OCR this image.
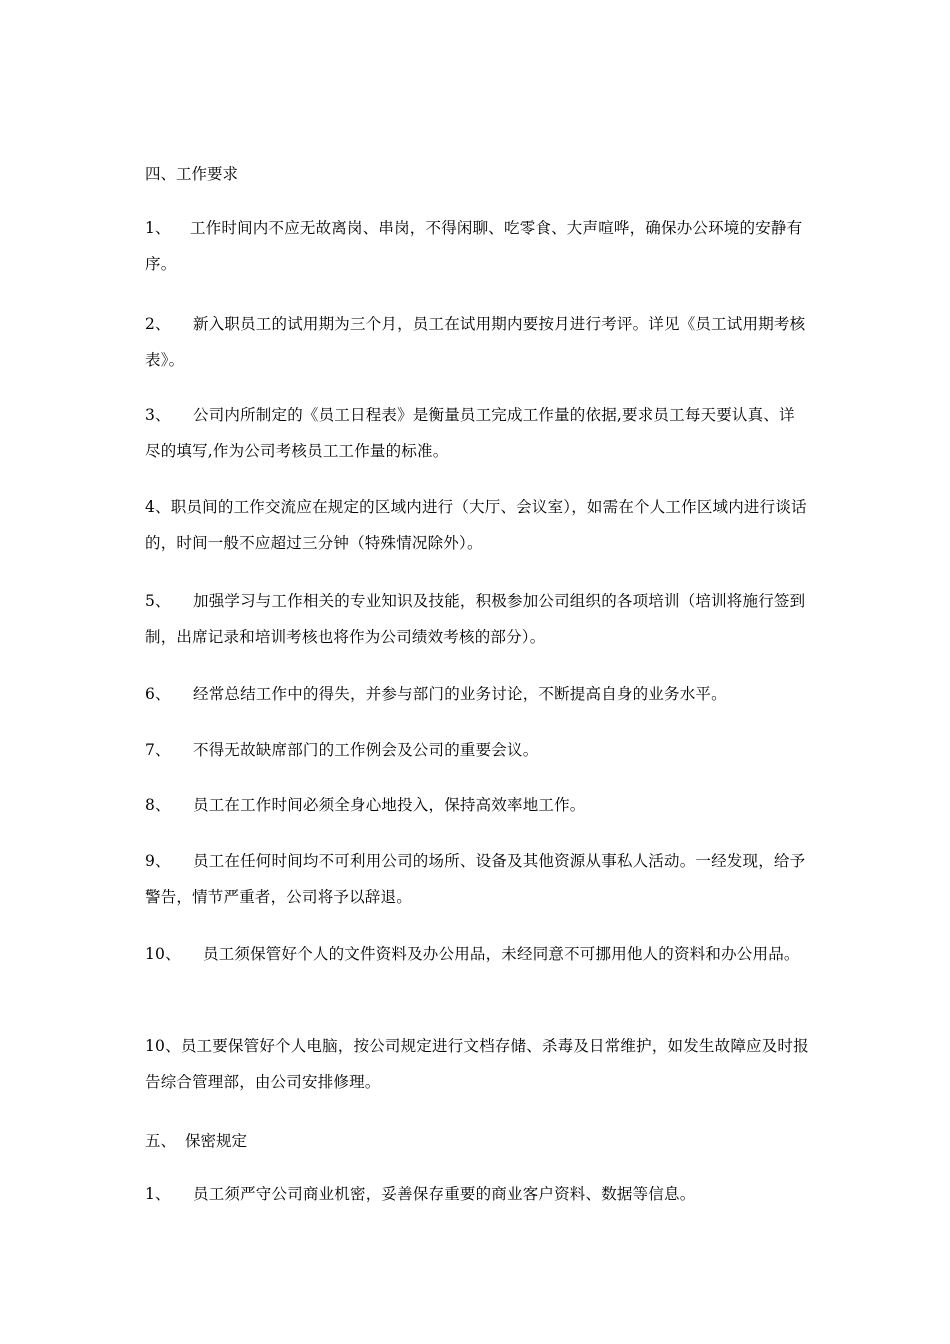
四、工作要求

1、 工作时间内不应无故离岗、串岗，不得闲聊、吃零食、大声喧哗，确保办公环境的安静有序。

2、 新入职员工的试用期为三个月，员工在试用期内要按月进行考评。详见《员工试用期考核表》。

3、 公司内所制定的《员工日程表》是衡量员工完成工作量的依据,要求员工每天要认真、详尽的填写,作为公司考核员工工作量的标准。

4、职员间的工作交流应在规定的区域内进行（大厅、会议室），如需在个人工作区域内进行谈话的，时间一般不应超过三分钟（特殊情况除外）。

5、 加强学习与工作相关的专业知识及技能，积极参加公司组织的各项培训（培训将施行签到制，出席记录和培训考核也将作为公司绩效考核的部分）。

6、 经常总结工作中的得失，并参与部门的业务讨论，不断提高自身的业务水平。

7、 不得无故缺席部门的工作例会及公司的重要会议。

8、 员工在工作时间必须全身心地投入，保持高效率地工作。

9、 员工在任何时间均不可利用公司的场所、设备及其他资源从事私人活动。一经发现，给予警告，情节严重者，公司将予以辞退。

10、 员工须保管好个人的文件资料及办公用品，未经同意不可挪用他人的资料和办公用品。

10、员工要保管好个人电脑，按公司规定进行文档存储、杀毒及日常维护，如发生故障应及时报告综合管理部，由公司安排修理。

五、 保密规定

1、 员工须严守公司商业机密，妥善保存重要的商业客户资料、数据等信息。
